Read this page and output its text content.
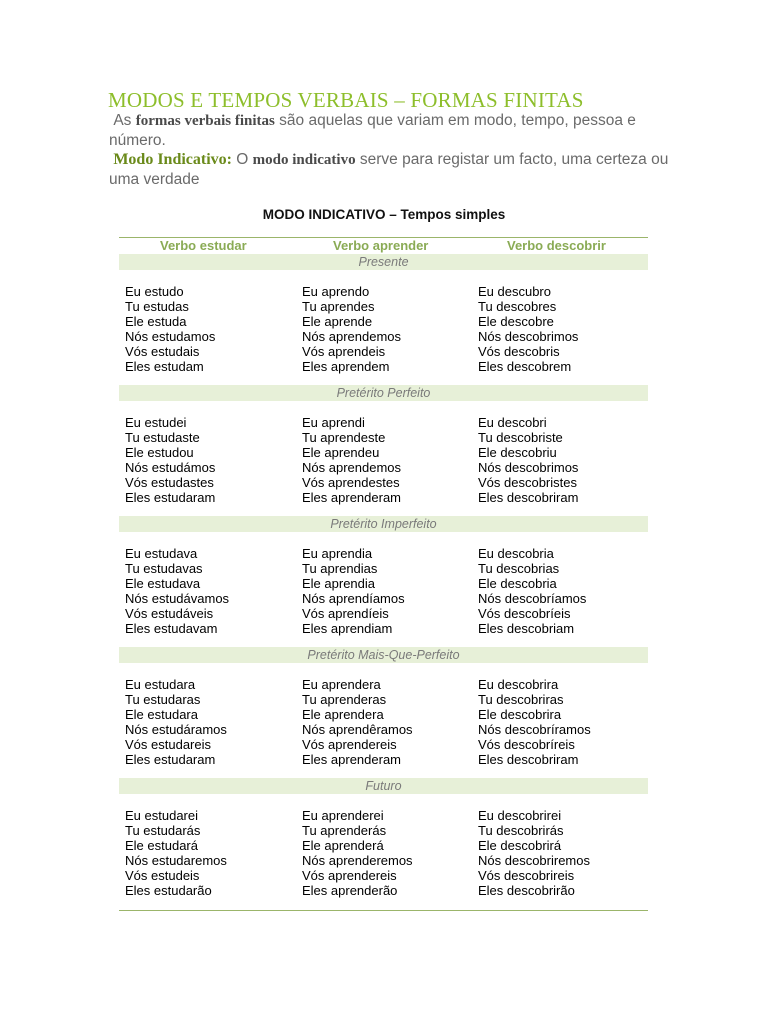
MODOS E TEMPOS VERBAIS – FORMAS FINITAS
As formas verbais finitas são aquelas que variam em modo, tempo, pessoa e número.
Modo Indicativo: O modo indicativo serve para registar um facto, uma certeza ou uma verdade
MODO INDICATIVO – Tempos simples
Verbo estudar	Verbo aprender	Verbo descobrir
Presente
Eu estudo
Tu estudas
Ele estuda
Nós estudamos
Vós estudais
Eles estudam
Eu aprendo
Tu aprendes
Ele aprende
Nós aprendemos
Vós aprendeis
Eles aprendem
Eu descubro
Tu descobres
Ele descobre
Nós descobrimos
Vós descobris
Eles descobrem
Pretérito Perfeito
Eu estudei
Tu estudaste
Ele estudou
Nós estudámos
Vós estudastes
Eles estudaram
Eu aprendi
Tu aprendeste
Ele aprendeu
Nós aprendemos
Vós aprendestes
Eles aprenderam
Eu descobri
Tu descobriste
Ele descobriu
Nós descobrimos
Vós descobristes
Eles descobriram
Pretérito Imperfeito
Eu estudava
Tu estudavas
Ele estudava
Nós estudávamos
Vós estudáveis
Eles estudavam
Eu aprendia
Tu aprendias
Ele aprendia
Nós aprendíamos
Vós aprendíeis
Eles aprendiam
Eu descobria
Tu descobrias
Ele descobria
Nós descobríamos
Vós descobríeis
Eles descobriam
Pretérito Mais-Que-Perfeito
Eu estudara
Tu estudaras
Ele estudara
Nós estudáramos
Vós estudareis
Eles estudaram
Eu aprendera
Tu aprenderas
Ele aprendera
Nós aprendêramos
Vós aprendereis
Eles aprenderam
Eu descobrira
Tu descobriras
Ele descobrira
Nós descobríramos
Vós descobríreis
Eles descobriram
Futuro
Eu estudarei
Tu estudarás
Ele estudará
Nós estudaremos
Vós estudeis
Eles estudarão
Eu aprenderei
Tu aprenderás
Ele aprenderá
Nós aprenderemos
Vós aprendereis
Eles aprenderão
Eu descobrirei
Tu descobrirás
Ele descobrirá
Nós descobriremos
Vós descobrireis
Eles descobrirão
